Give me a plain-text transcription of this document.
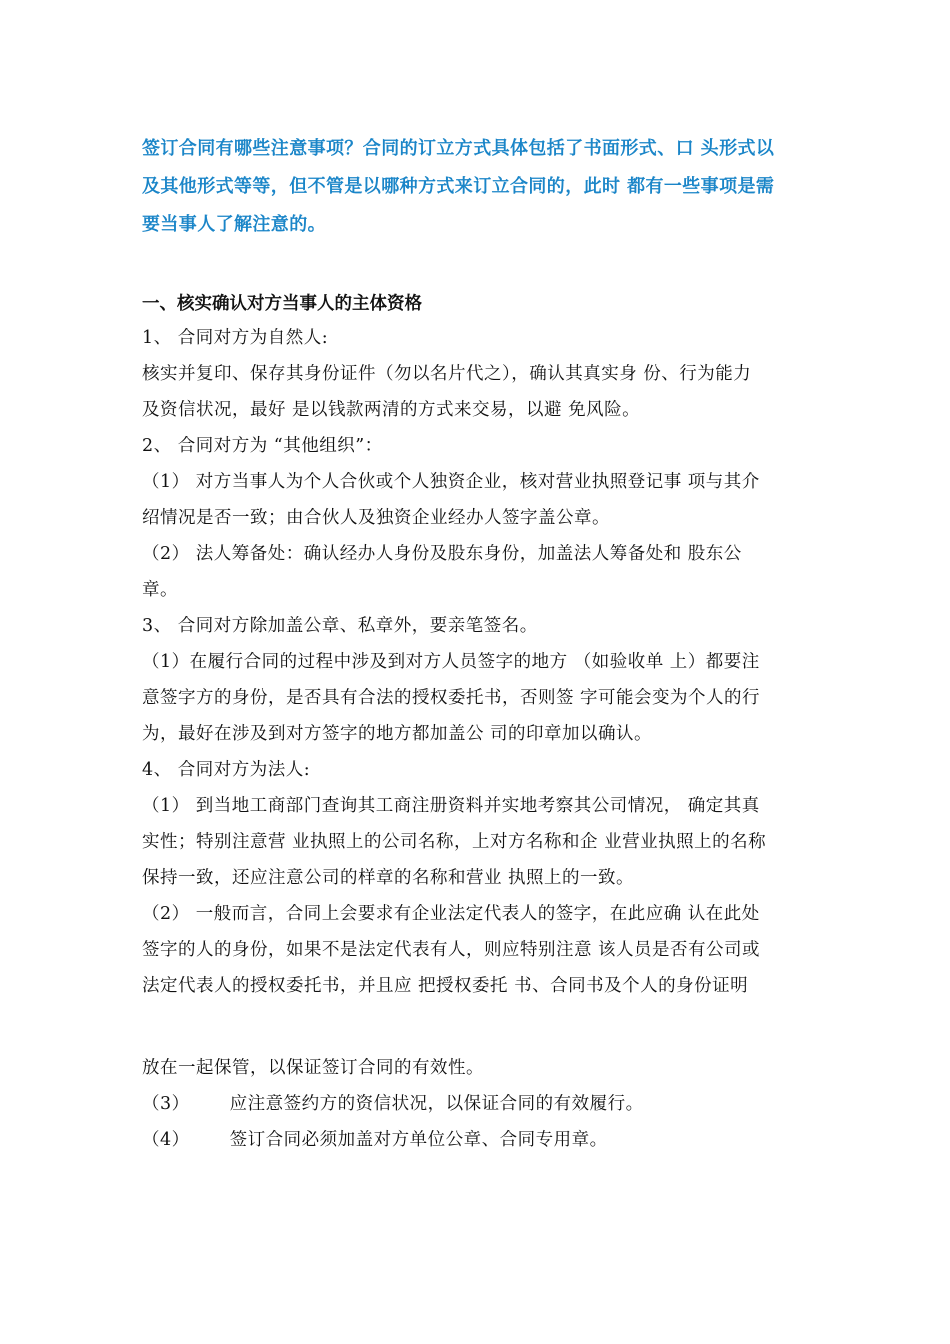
签订合同有哪些注意事项？合同的订立方式具体包括了书面形式、口 头形式以
及其他形式等等，但不管是以哪种方式来订立合同的，此时 都有一些事项是需
要当事人了解注意的。

一、核实确认对方当事人的主体资格

1、 合同对方为自然人:
核实并复印、保存其身份证件（勿以名片代之），确认其真实身 份、行为能力
及资信状况，最好 是以钱款两清的方式来交易，以避 免风险。
2、 合同对方为 “其他组织”：
（1） 对方当事人为个人合伙或个人独资企业，核对营业执照登记事 项与其介
绍情况是否一致；由合伙人及独资企业经办人签字盖公章。
（2） 法人筹备处：确认经办人身份及股东身份，加盖法人筹备处和 股东公
章。
3、 合同对方除加盖公章、私章外，要亲笔签名。
（1）在履行合同的过程中涉及到对方人员签字的地方 （如验收单 上）都要注
意签字方的身份，是否具有合法的授权委托书，否则签 字可能会变为个人的行
为，最好在涉及到对方签字的地方都加盖公 司的印章加以确认。
4、 合同对方为法人:
（1） 到当地工商部门查询其工商注册资料并实地考察其公司情况， 确定其真
实性；特别注意营 业执照上的公司名称，上对方名称和企 业营业执照上的名称
保持一致，还应注意公司的样章的名称和营业 执照上的一致。
（2） 一般而言，合同上会要求有企业法定代表人的签字，在此应确 认在此处
签字的人的身份，如果不是法定代表有人，则应特别注意 该人员是否有公司或
法定代表人的授权委托书，并且应 把授权委托 书、合同书及个人的身份证明

放在一起保管，以保证签订合同的有效性。
（3） 应注意签约方的资信状况，以保证合同的有效履行。
（4） 签订合同必须加盖对方单位公章、合同专用章。
